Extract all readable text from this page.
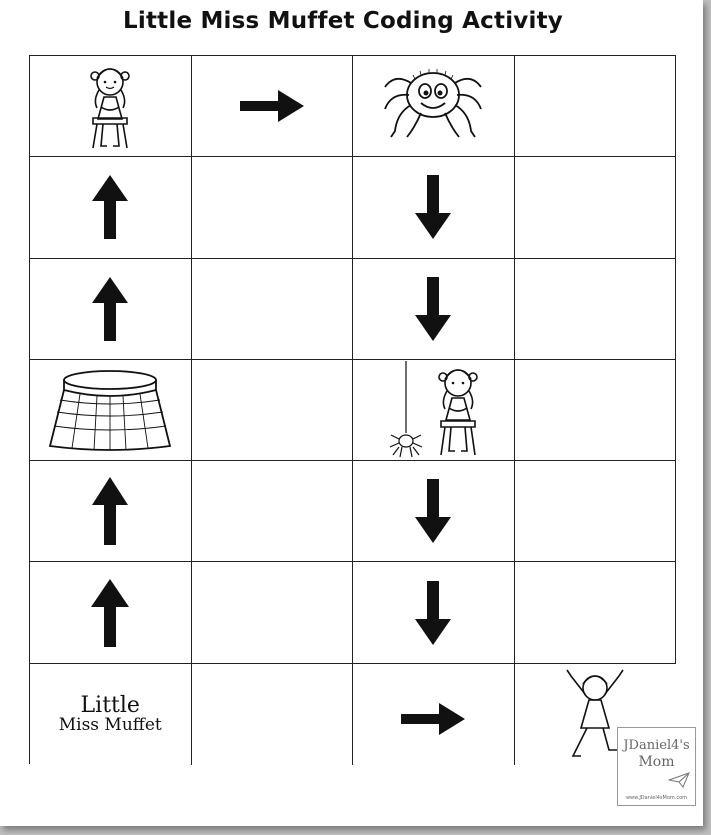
Little Miss Muffet Coding Activity
Little
Miss Muffet
JDaniel4's
Mom
www.JDaniel4sMom.com
